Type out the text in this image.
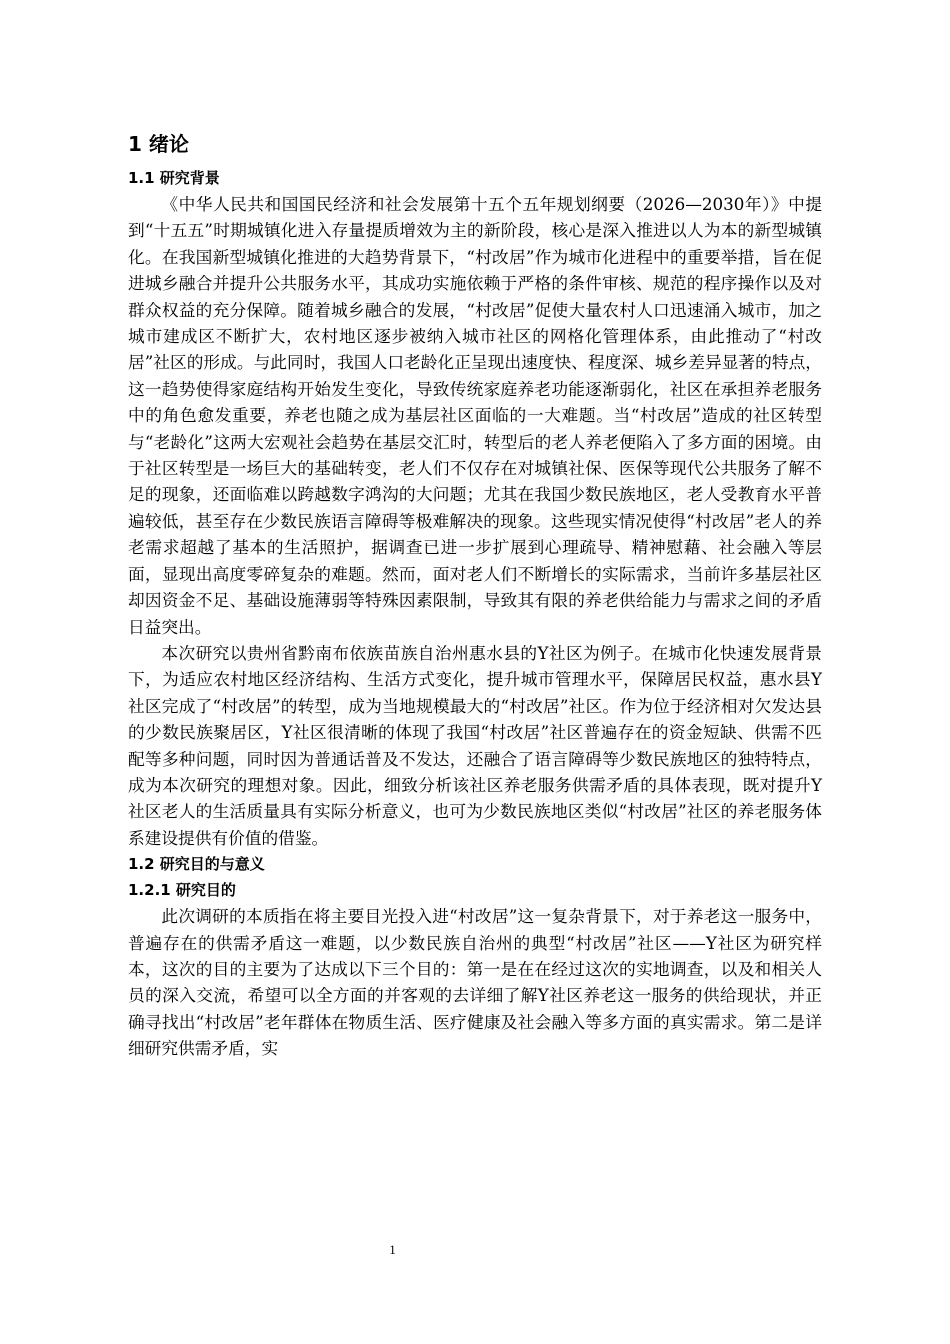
1 绪论
1.1 研究背景

《中华人民共和国国民经济和社会发展第十五个五年规划纲要（2026—2030年）》中提到“十五五”时期城镇化进入存量提质增效为主的新阶段，核心是深入推进以人为本的新型城镇化。在我国新型城镇化推进的大趋势背景下，“村改居”作为城市化进程中的重要举措，旨在促进城乡融合并提升公共服务水平，其成功实施依赖于严格的条件审核、规范的程序操作以及对群众权益的充分保障。随着城乡融合的发展，“村改居”促使大量农村人口迅速涌入城市，加之城市建成区不断扩大，农村地区逐步被纳入城市社区的网格化管理体系，由此推动了“村改居”社区的形成。与此同时，我国人口老龄化正呈现出速度快、程度深、城乡差异显著的特点，这一趋势使得家庭结构开始发生变化，导致传统家庭养老功能逐渐弱化，社区在承担养老服务中的角色愈发重要，养老也随之成为基层社区面临的一大难题。当“村改居”造成的社区转型与“老龄化”这两大宏观社会趋势在基层交汇时，转型后的老人养老便陷入了多方面的困境。由于社区转型是一场巨大的基础转变，老人们不仅存在对城镇社保、医保等现代公共服务了解不足的现象，还面临难以跨越数字鸿沟的大问题；尤其在我国少数民族地区，老人受教育水平普遍较低，甚至存在少数民族语言障碍等极难解决的现象。这些现实情况使得“村改居”老人的养老需求超越了基本的生活照护，据调查已进一步扩展到心理疏导、精神慰藉、社会融入等层面，显现出高度零碎复杂的难题。然而，面对老人们不断增长的实际需求，当前许多基层社区却因资金不足、基础设施薄弱等特殊因素限制，导致其有限的养老供给能力与需求之间的矛盾日益突出。

本次研究以贵州省黔南布依族苗族自治州惠水县的Y社区为例子。在城市化快速发展背景下，为适应农村地区经济结构、生活方式变化，提升城市管理水平，保障居民权益，惠水县Y社区完成了“村改居”的转型，成为当地规模最大的“村改居”社区。作为位于经济相对欠发达县的少数民族聚居区，Y社区很清晰的体现了我国“村改居”社区普遍存在的资金短缺、供需不匹配等多种问题，同时因为普通话普及不发达，还融合了语言障碍等少数民族地区的独特特点，成为本次研究的理想对象。因此，细致分析该社区养老服务供需矛盾的具体表现，既对提升Y社区老人的生活质量具有实际分析意义，也可为少数民族地区类似“村改居”社区的养老服务体系建设提供有价值的借鉴。

1.2 研究目的与意义
1.2.1 研究目的

此次调研的本质指在将主要目光投入进“村改居”这一复杂背景下，对于养老这一服务中，普遍存在的供需矛盾这一难题，以少数民族自治州的典型“村改居”社区——Y社区为研究样本，这次的目的主要为了达成以下三个目的：第一是在在经过这次的实地调查，以及和相关人员的深入交流，希望可以全方面的并客观的去详细了解Y社区养老这一服务的供给现状，并正确寻找出“村改居”老年群体在物质生活、医疗健康及社会融入等多方面的真实需求。第二是详细研究供需矛盾，实

1
